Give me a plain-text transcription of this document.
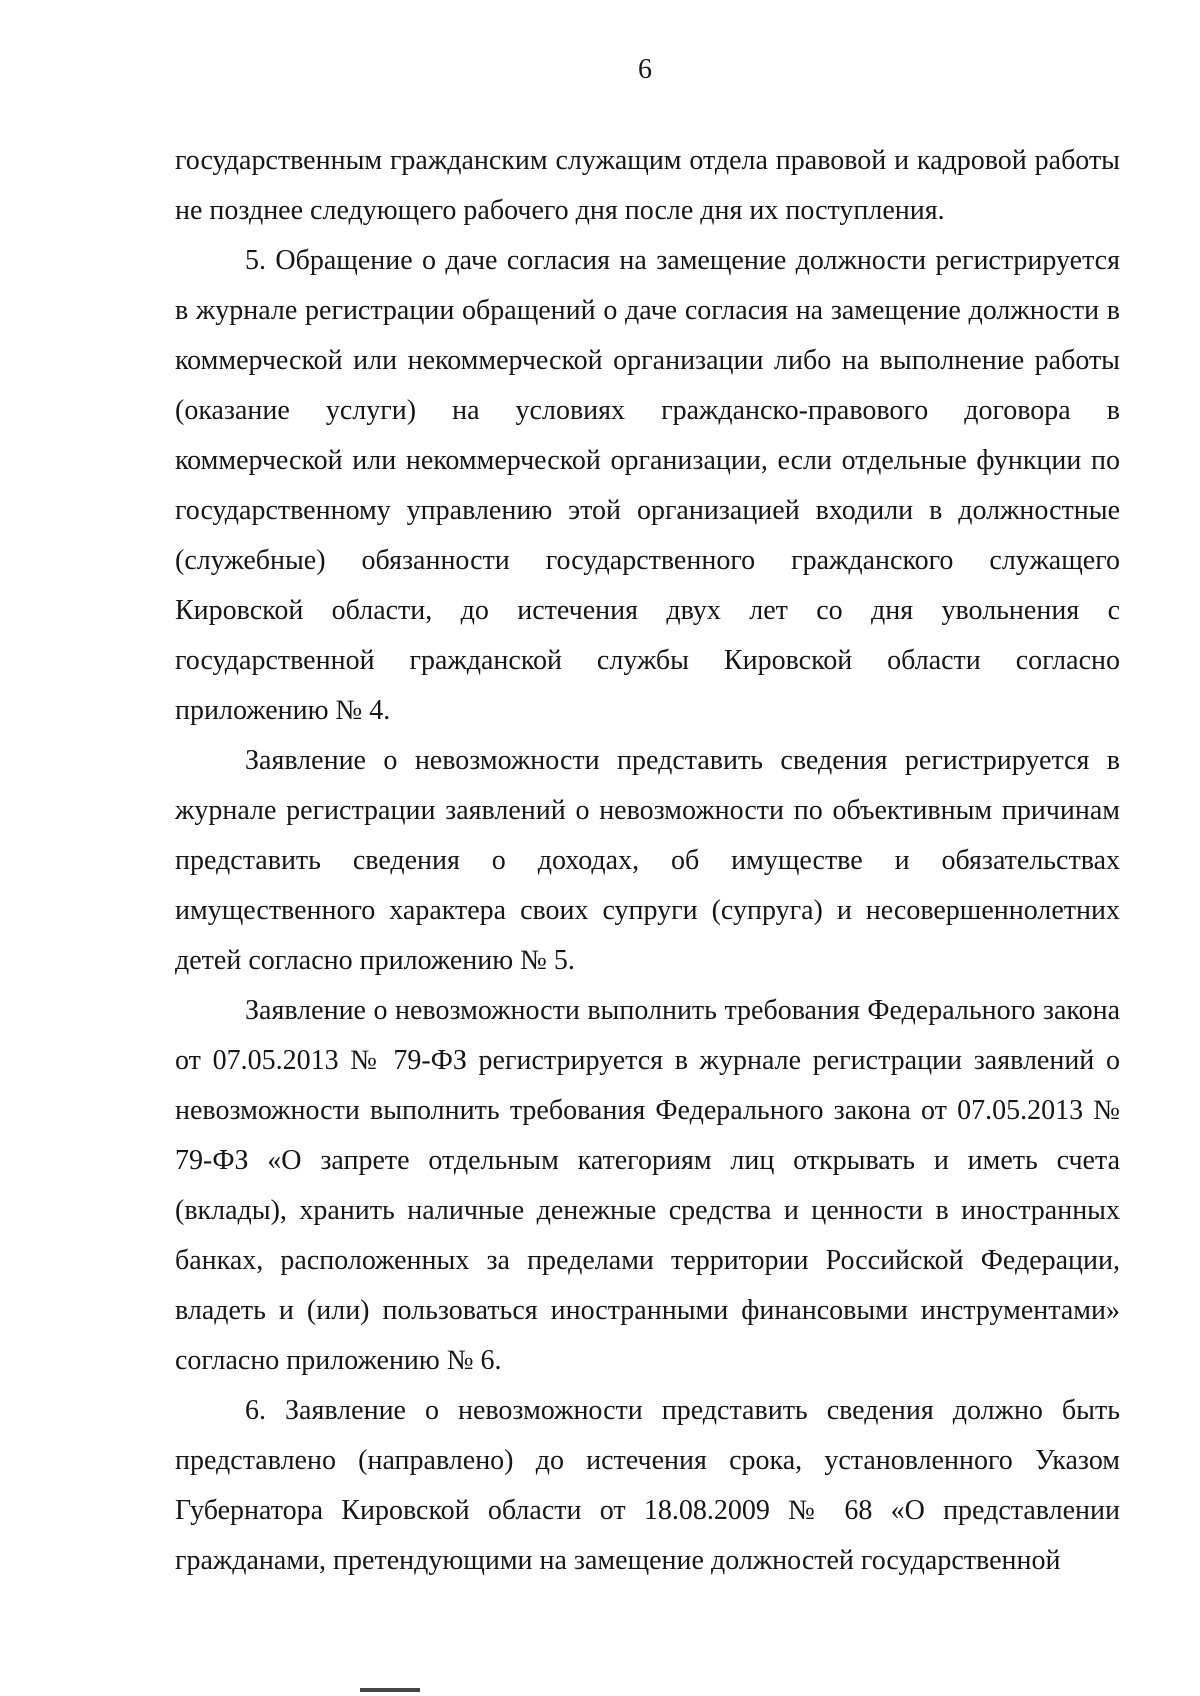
6

государственным гражданским служащим отдела правовой и кадровой работы не позднее следующего рабочего дня после дня их поступления.

5. Обращение о даче согласия на замещение должности регистрируется в журнале регистрации обращений о даче согласия на замещение должности в коммерческой или некоммерческой организации либо на выполнение работы (оказание услуги) на условиях гражданско-правового договора в коммерческой или некоммерческой организации, если отдельные функции по государственному управлению этой организацией входили в должностные (служебные) обязанности государственного гражданского служащего Кировской области, до истечения двух лет со дня увольнения с государственной гражданской службы Кировской области согласно приложению № 4.

Заявление о невозможности представить сведения регистрируется в журнале регистрации заявлений о невозможности по объективным причинам представить сведения о доходах, об имуществе и обязательствах имущественного характера своих супруги (супруга) и несовершеннолетних детей согласно приложению № 5.

Заявление о невозможности выполнить требования Федерального закона от 07.05.2013 № 79-ФЗ регистрируется в журнале регистрации заявлений о невозможности выполнить требования Федерального закона от 07.05.2013 № 79-ФЗ «О запрете отдельным категориям лиц открывать и иметь счета (вклады), хранить наличные денежные средства и ценности в иностранных банках, расположенных за пределами территории Российской Федерации, владеть и (или) пользоваться иностранными финансовыми инструментами» согласно приложению № 6.

6. Заявление о невозможности представить сведения должно быть представлено (направлено) до истечения срока, установленного Указом Губернатора Кировской области от 18.08.2009 № 68 «О представлении гражданами, претендующими на замещение должностей государственной
